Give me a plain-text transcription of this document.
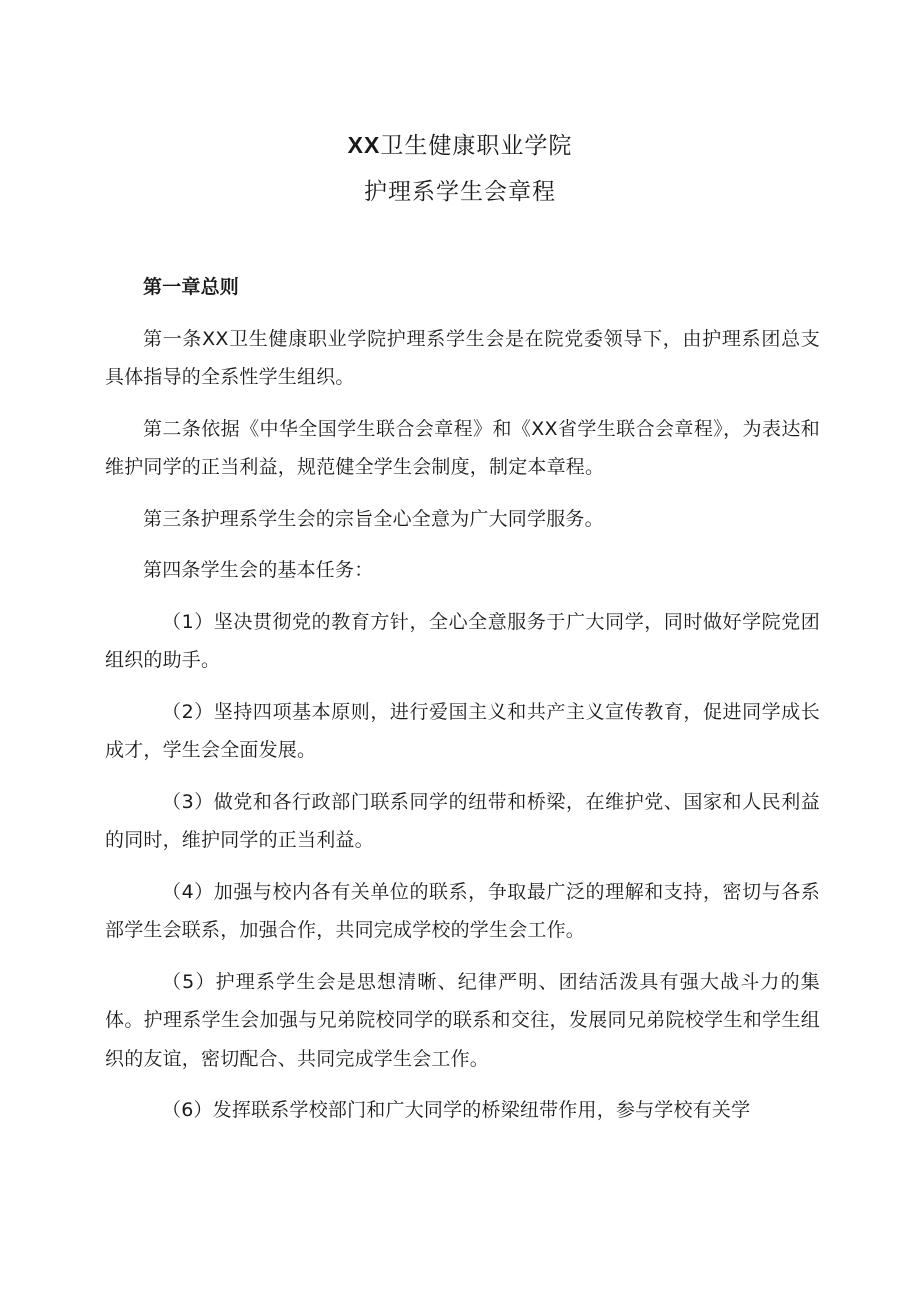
XX卫生健康职业学院

护理系学生会章程

第一章总则

第一条XX卫生健康职业学院护理系学生会是在院党委领导下，由护理系团总支具体指导的全系性学生组织。

第二条依据《中华全国学生联合会章程》和《XX省学生联合会章程》，为表达和维护同学的正当利益，规范健全学生会制度，制定本章程。

第三条护理系学生会的宗旨全心全意为广大同学服务。

第四条学生会的基本任务：

（1）坚决贯彻党的教育方针，全心全意服务于广大同学，同时做好学院党团组织的助手。

（2）坚持四项基本原则，进行爱国主义和共产主义宣传教育，促进同学成长成才，学生会全面发展。

（3）做党和各行政部门联系同学的纽带和桥梁，在维护党、国家和人民利益的同时，维护同学的正当利益。

（4）加强与校内各有关单位的联系，争取最广泛的理解和支持，密切与各系部学生会联系，加强合作，共同完成学校的学生会工作。

（5）护理系学生会是思想清晰、纪律严明、团结活泼具有强大战斗力的集体。护理系学生会加强与兄弟院校同学的联系和交往，发展同兄弟院校学生和学生组织的友谊，密切配合、共同完成学生会工作。

（6）发挥联系学校部门和广大同学的桥梁纽带作用，参与学校有关学
